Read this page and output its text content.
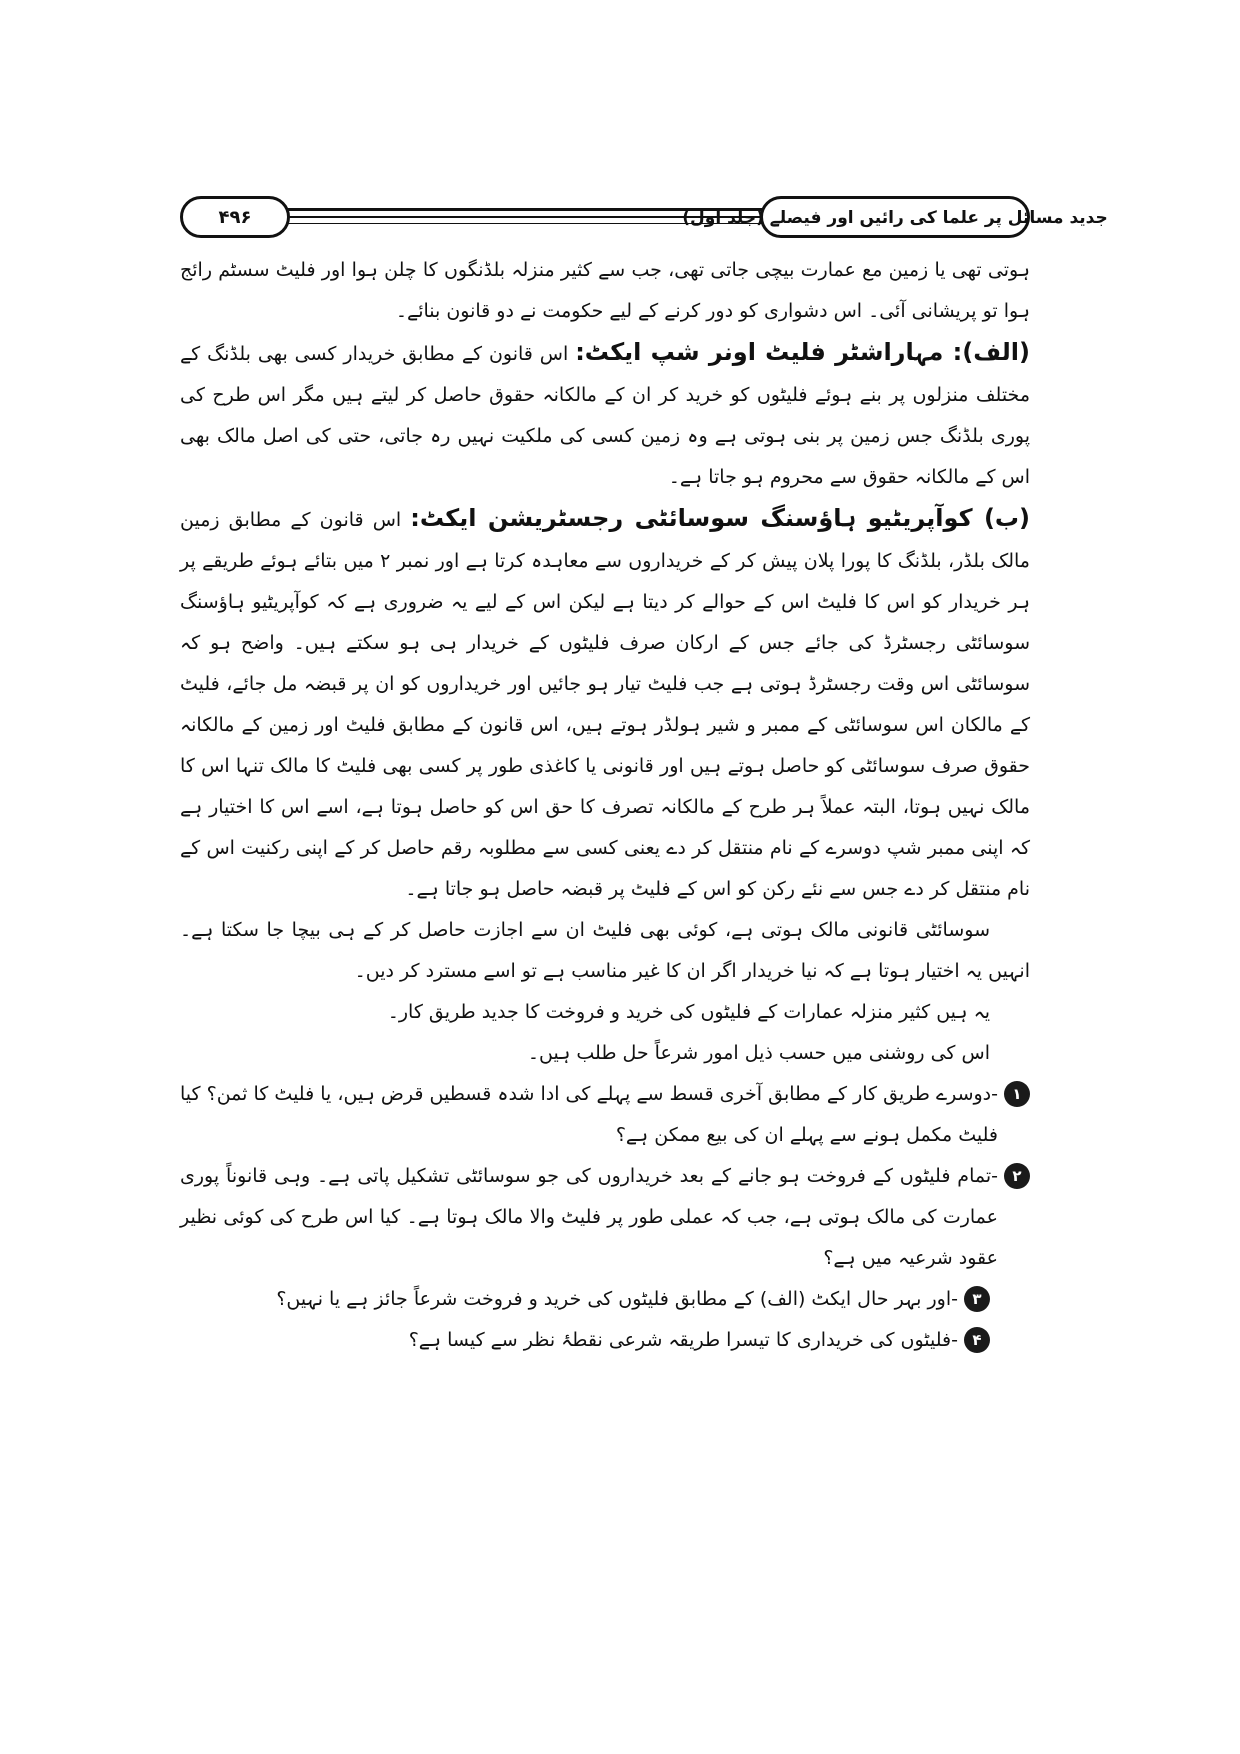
۴۹۶	جدید مسائل پر علما کی رائیں اور فیصلے (جلد اول)

ہوتی تھی یا زمین مع عمارت بیچی جاتی تھی، جب سے کثیر منزلہ بلڈنگوں کا چلن ہوا اور فلیٹ سسٹم رائج ہوا تو پریشانی آئی۔ اس دشواری کو دور کرنے کے لیے حکومت نے دو قانون بنائے۔

(الف): مہاراشٹر فلیٹ اونر شپ ایکٹ: اس قانون کے مطابق خریدار کسی بھی بلڈنگ کے مختلف منزلوں پر بنے ہوئے فلیٹوں کو خرید کر ان کے مالکانہ حقوق حاصل کر لیتے ہیں مگر اس طرح کی پوری بلڈنگ جس زمین پر بنی ہوتی ہے وہ زمین کسی کی ملکیت نہیں رہ جاتی، حتی کی اصل مالک بھی اس کے مالکانہ حقوق سے محروم ہو جاتا ہے۔

(ب) کوآپریٹیو ہاؤسنگ سوسائٹی رجسٹریشن ایکٹ: اس قانون کے مطابق زمین مالک بلڈر، بلڈنگ کا پورا پلان پیش کر کے خریداروں سے معاہدہ کرتا ہے اور نمبر ۲ میں بتائے ہوئے طریقے پر ہر خریدار کو اس کا فلیٹ اس کے حوالے کر دیتا ہے لیکن اس کے لیے یہ ضروری ہے کہ کوآپریٹیو ہاؤسنگ سوسائٹی رجسٹرڈ کی جائے جس کے ارکان صرف فلیٹوں کے خریدار ہی ہو سکتے ہیں۔ واضح ہو کہ سوسائٹی اس وقت رجسٹرڈ ہوتی ہے جب فلیٹ تیار ہو جائیں اور خریداروں کو ان پر قبضہ مل جائے، فلیٹ کے مالکان اس سوسائٹی کے ممبر و شیر ہولڈر ہوتے ہیں، اس قانون کے مطابق فلیٹ اور زمین کے مالکانہ حقوق صرف سوسائٹی کو حاصل ہوتے ہیں اور قانونی یا کاغذی طور پر کسی بھی فلیٹ کا مالک تنہا اس کا مالک نہیں ہوتا، البتہ عملاً ہر طرح کے مالکانہ تصرف کا حق اس کو حاصل ہوتا ہے، اسے اس کا اختیار ہے کہ اپنی ممبر شپ دوسرے کے نام منتقل کر دے یعنی کسی سے مطلوبہ رقم حاصل کر کے اپنی رکنیت اس کے نام منتقل کر دے جس سے نئے رکن کو اس کے فلیٹ پر قبضہ حاصل ہو جاتا ہے۔

سوسائٹی قانونی مالک ہوتی ہے، کوئی بھی فلیٹ ان سے اجازت حاصل کر کے ہی بیچا جا سکتا ہے۔ انہیں یہ اختیار ہوتا ہے کہ نیا خریدار اگر ان کا غیر مناسب ہے تو اسے مسترد کر دیں۔

یہ ہیں کثیر منزلہ عمارات کے فلیٹوں کی خرید و فروخت کا جدید طریق کار۔

اس کی روشنی میں حسب ذیل امور شرعاً حل طلب ہیں۔

۱
-دوسرے طریق کار کے مطابق آخری قسط سے پہلے کی ادا شدہ قسطیں قرض ہیں، یا فلیٹ کا ثمن؟ کیا فلیٹ مکمل ہونے سے پہلے ان کی بیع ممکن ہے؟
۲
-تمام فلیٹوں کے فروخت ہو جانے کے بعد خریداروں کی جو سوسائٹی تشکیل پاتی ہے۔ وہی قانوناً پوری عمارت کی مالک ہوتی ہے، جب کہ عملی طور پر فلیٹ والا مالک ہوتا ہے۔ کیا اس طرح کی کوئی نظیر عقود شرعیہ میں ہے؟
۳
-اور بہر حال ایکٹ (الف) کے مطابق فلیٹوں کی خرید و فروخت شرعاً جائز ہے یا نہیں؟
۴
-فلیٹوں کی خریداری کا تیسرا طریقہ شرعی نقطۂ نظر سے کیسا ہے؟
